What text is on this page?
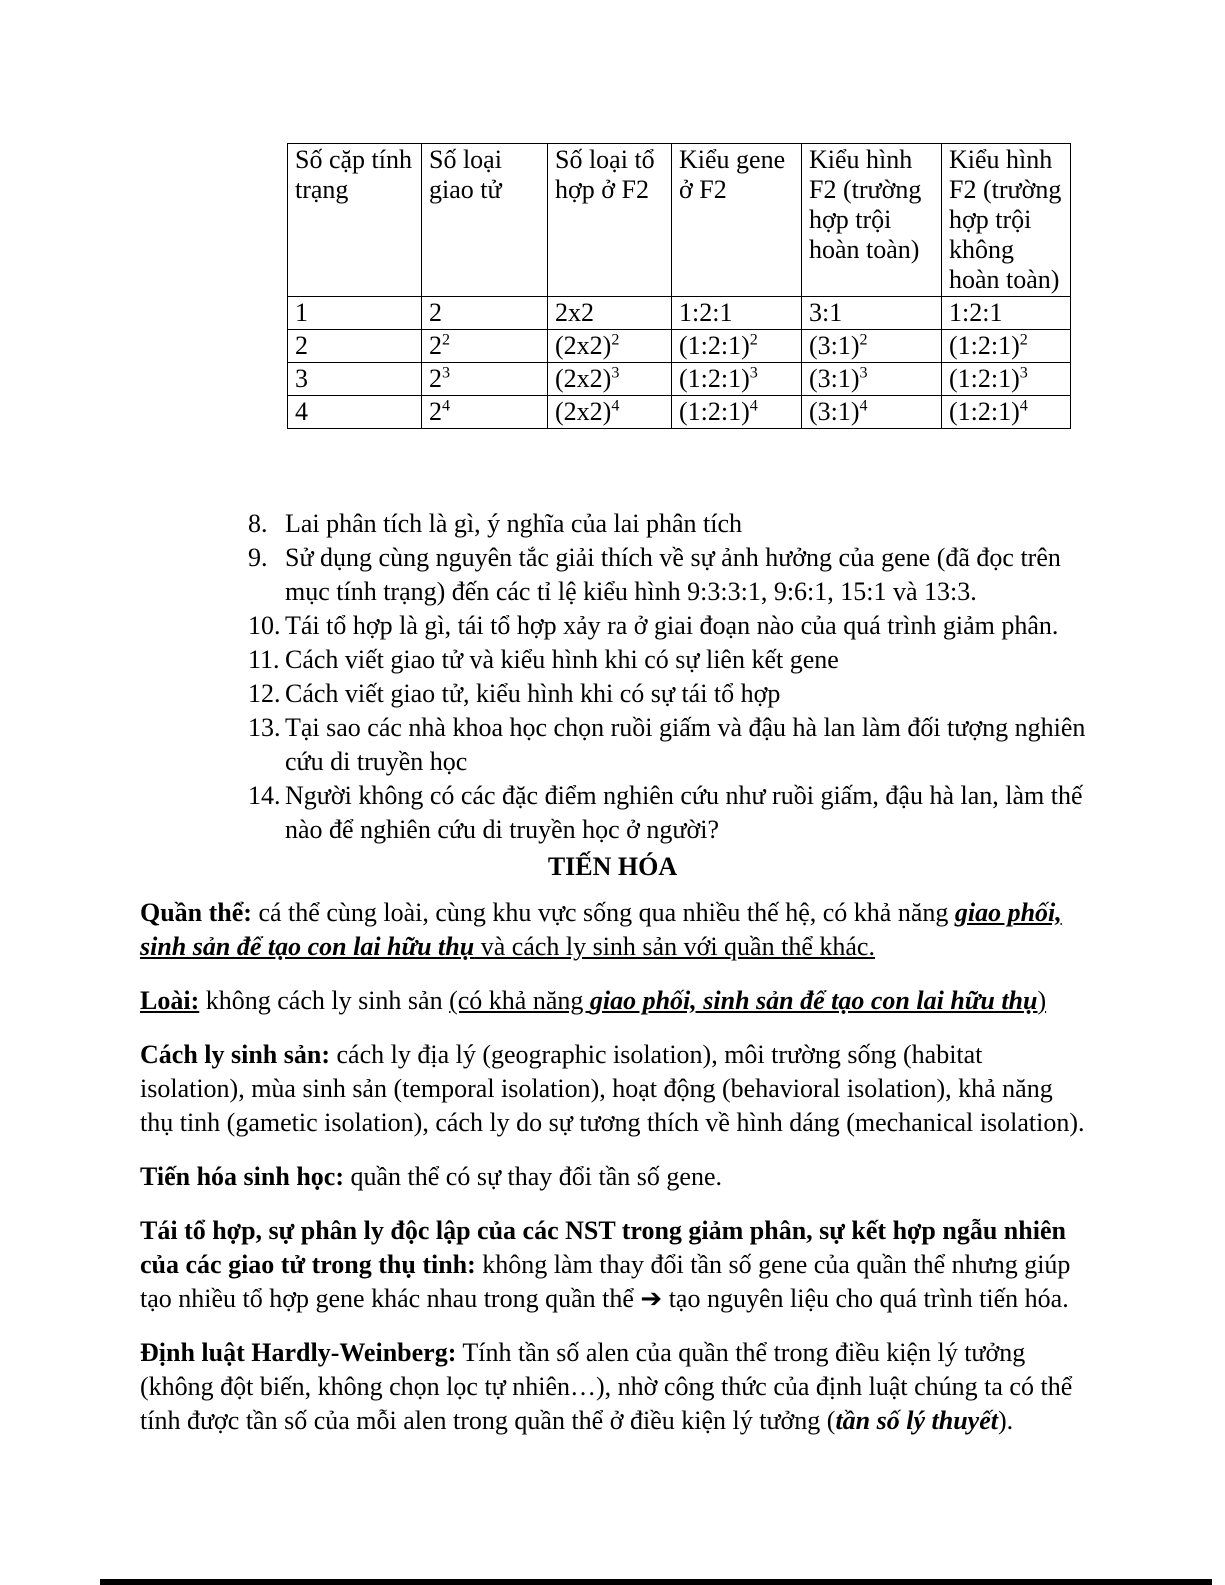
Số cặp tính trạng	Số loại giao tử	Số loại tổ hợp ở F2	Kiểu gene ở F2	Kiểu hình F2 (trường hợp trội hoàn toàn)	Kiểu hình F2 (trường hợp trội không hoàn toàn)
1	2	2x2	1:2:1	3:1	1:2:1
2	$2^2$	$(2x2)^2$	(1:2:1)$^2$	(3:1)$^2$	(1:2:1)$^2$
3	$2^3$	$(2x2)^3$	(1:2:1)$^3$	(3:1)$^3$	(1:2:1)$^3$
4	$2^4$	$(2x2)^4$	(1:2:1)$^4$	(3:1)$^4$	(1:2:1)$^4$
8. Lai phân tích là gì, ý nghĩa của lai phân tích
9. Sử dụng cùng nguyên tắc giải thích về sự ảnh hưởng của gene (đã đọc trên mục tính trạng) đến các tỉ lệ kiểu hình 9:3:3:1, 9:6:1, 15:1 và 13:3.
10. Tái tổ hợp là gì, tái tổ hợp xảy ra ở giai đoạn nào của quá trình giảm phân.
11. Cách viết giao tử và kiểu hình khi có sự liên kết gene
12. Cách viết giao tử, kiểu hình khi có sự tái tổ hợp
13. Tại sao các nhà khoa học chọn ruồi giấm và đậu hà lan làm đối tượng nghiên cứu di truyền học
14. Người không có các đặc điểm nghiên cứu như ruồi giấm, đậu hà lan, làm thế nào để nghiên cứu di truyền học ở người?
TIẾN HÓA

Quần thể: cá thể cùng loài, cùng khu vực sống qua nhiều thế hệ, có khả năng giao phối, sinh sản để tạo con lai hữu thụ và cách ly sinh sản với quần thể khác.

Loài: không cách ly sinh sản (có khả năng giao phối, sinh sản để tạo con lai hữu thụ)

Cách ly sinh sản: cách ly địa lý (geographic isolation), môi trường sống (habitat isolation), mùa sinh sản (temporal isolation), hoạt động (behavioral isolation), khả năng thụ tinh (gametic isolation), cách ly do sự tương thích về hình dáng (mechanical isolation).

Tiến hóa sinh học: quần thể có sự thay đổi tần số gene.

Tái tổ hợp, sự phân ly độc lập của các NST trong giảm phân, sự kết hợp ngẫu nhiên của các giao tử trong thụ tinh: không làm thay đổi tần số gene của quần thể nhưng giúp tạo nhiều tổ hợp gene khác nhau trong quần thể ➔ tạo nguyên liệu cho quá trình tiến hóa.

Định luật Hardly-Weinberg: Tính tần số alen của quần thể trong điều kiện lý tưởng (không đột biến, không chọn lọc tự nhiên…), nhờ công thức của định luật chúng ta có thể tính được tần số của mỗi alen trong quần thể ở điều kiện lý tưởng (tần số lý thuyết).
